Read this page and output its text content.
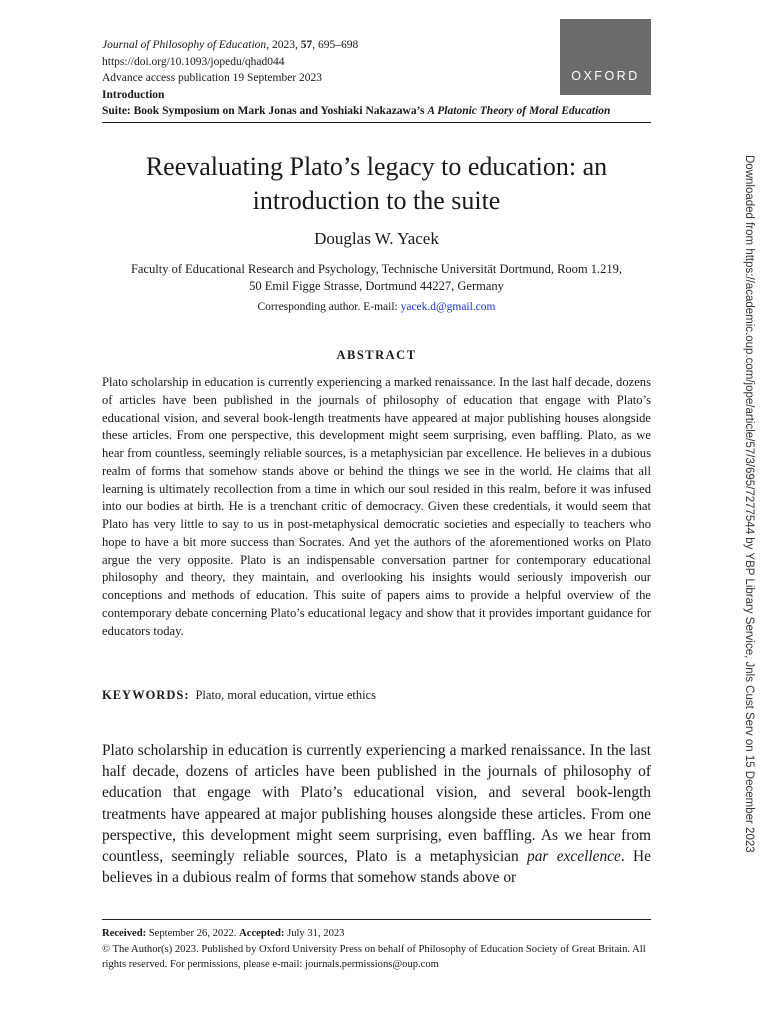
Journal of Philosophy of Education, 2023, 57, 695–698
https://doi.org/10.1093/jopedu/qhad044
Advance access publication 19 September 2023
Introduction
Suite: Book Symposium on Mark Jonas and Yoshiaki Nakazawa’s A Platonic Theory of Moral Education
OXFORD
Reevaluating Plato’s legacy to education: an introduction to the suite
Douglas W. Yacek
Faculty of Educational Research and Psychology, Technische Universität Dortmund, Room 1.219,
50 Emil Figge Strasse, Dortmund 44227, Germany
Corresponding author. E-mail: yacek.d@gmail.com
ABSTRACT

Plato scholarship in education is currently experiencing a marked renaissance. In the last half decade, dozens of articles have been published in the journals of philosophy of education that engage with Plato’s educational vision, and several book-length treatments have appeared at major publishing houses alongside these articles. From one perspective, this development might seem surprising, even baffling. Plato, as we hear from countless, seemingly reliable sources, is a metaphysician par excellence. He believes in a dubious realm of forms that somehow stands above or behind the things we see in the world. He claims that all learning is ultimately recollection from a time in which our soul resided in this realm, before it was infused into our bodies at birth. He is a trenchant critic of democracy. Given these credentials, it would seem that Plato has very little to say to us in post-metaphysical democratic societies and especially to teachers who hope to have a bit more success than Socrates. And yet the authors of the aforementioned works on Plato argue the very opposite. Plato is an indispensable conversation partner for contemporary educational philosophy and theory, they maintain, and overlooking his insights would seriously impoverish our conceptions and methods of education. This suite of papers aims to provide a helpful overview of the contemporary debate concerning Plato’s educational legacy and show that it provides important guidance for educators today.

KEYWORDS: Plato, moral education, virtue ethics

Plato scholarship in education is currently experiencing a marked renaissance. In the last half decade, dozens of articles have been published in the journals of philosophy of education that engage with Plato’s educational vision, and several book-length treatments have appeared at major publishing houses alongside these articles. From one perspective, this development might seem surprising, even baffling. As we hear from countless, seemingly reliable sources, Plato is a metaphysician par excellence. He believes in a dubious realm of forms that somehow stands above or

Received: September 26, 2022. Accepted: July 31, 2023
© The Author(s) 2023. Published by Oxford University Press on behalf of Philosophy of Education Society of Great Britain. All rights reserved. For permissions, please e-mail: journals.permissions@oup.com
Downloaded from https://academic.oup.com/jope/article/57/3/695/7277544 by YBP Library Service, Jnls Cust Serv on 15 December 2023
